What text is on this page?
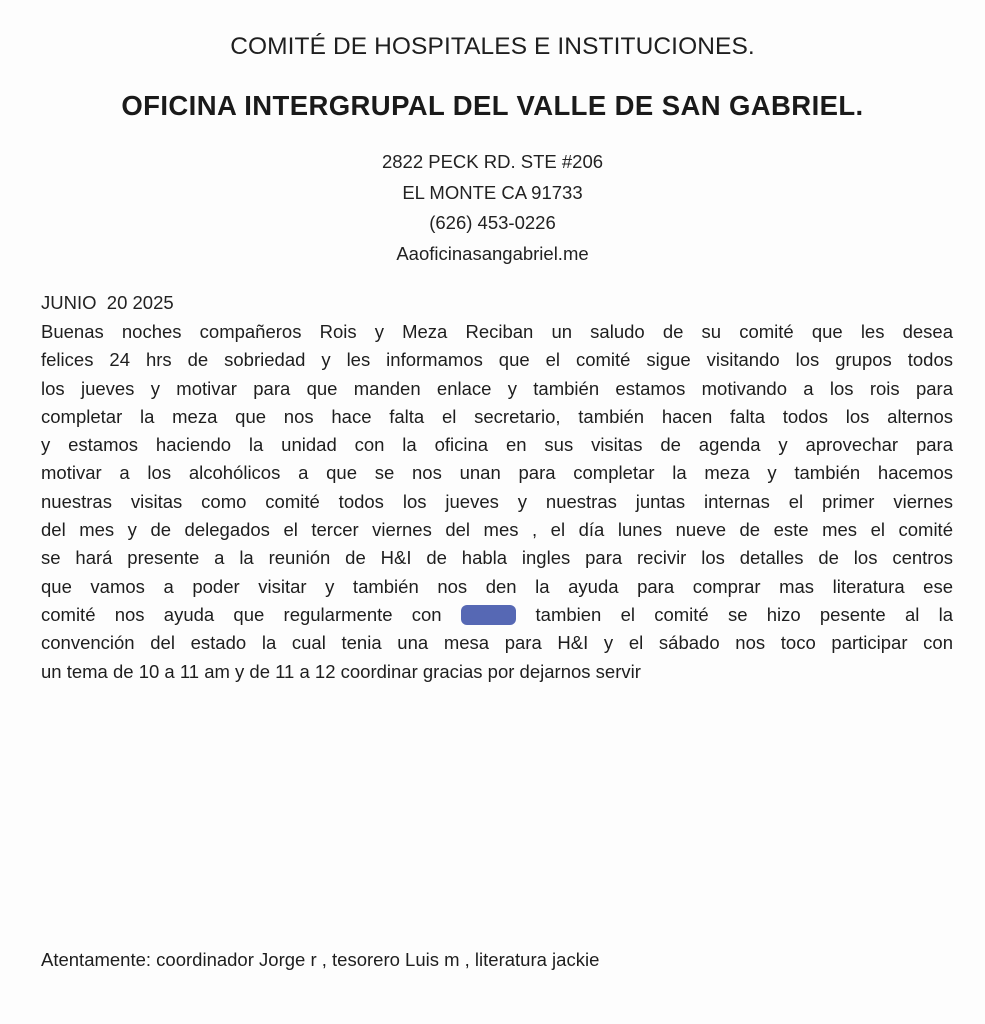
COMITÉ DE HOSPITALES E INSTITUCIONES.
OFICINA INTERGRUPAL DEL VALLE DE SAN GABRIEL.
2822 PECK RD. STE #206
EL MONTE CA 91733
(626) 453-0226
Aaoficinasangabriel.me
JUNIO  20 2025
Buenas noches compañeros Rois y Meza Reciban un saludo de su comité que les desea
felices 24 hrs de sobriedad y les informamos que el comité sigue visitando los grupos todos
los jueves y motivar para que manden enlace y también estamos motivando a los rois para
completar la meza que nos hace falta el secretario, también hacen falta todos los alternos
y estamos haciendo la unidad con la oficina en sus visitas de agenda y aprovechar para
motivar a los alcohólicos a que se nos unan para completar la meza y también hacemos
nuestras visitas como comité todos los jueves y nuestras juntas internas el primer viernes
del mes y de delegados el tercer viernes del mes , el día lunes nueve de este mes el comité
se hará presente a la reunión de H&I de habla ingles para recivir los detalles de los centros
que vamos a poder visitar y también nos den la ayuda para comprar mas literatura ese
comité nos ayuda que regularmente con $1000 tambien el comité se hizo pesente al la
convención del estado la cual tenia una mesa para H&I y el sábado nos toco participar con
un tema de 10 a 11 am y de 11 a 12 coordinar gracias por dejarnos servir
Atentamente: coordinador Jorge r , tesorero Luis m , literatura jackie
